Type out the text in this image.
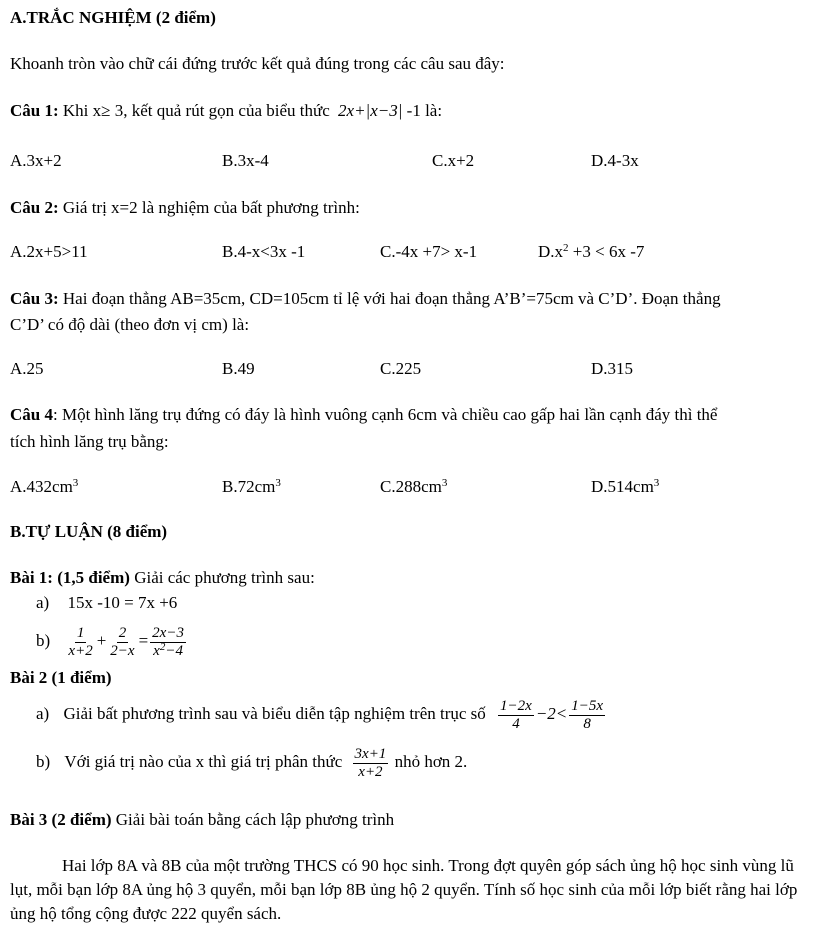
A.TRẮC NGHIỆM (2 điểm)
Khoanh tròn vào chữ cái đứng trước kết quả đúng trong các câu sau đây:
Câu 1: Khi x≥ 3, kết quả rút gọn của biểu thức 2x+|x−3| -1 là:
A.3x+2	B.3x-4	C.x+2	D.4-3x
Câu 2: Giá trị x=2 là nghiệm của bất phương trình:
A.2x+5>11	B.4-x<3x -1	C.-4x +7> x-1	$D.x^2 +3 < 6x$ -7
Câu 3: Hai đoạn thẳng AB=35cm, CD=105cm tỉ lệ với hai đoạn thẳng A’B’=75cm và C’D’. Đoạn thẳng
C’D’ có độ dài (theo đơn vị cm) là:
A.25	B.49	C.225	D.315
Câu 4: Một hình lăng trụ đứng có đáy là hình vuông cạnh 6cm và chiều cao gấp hai lần cạnh đáy thì thể
tích hình lăng trụ bằng:
$A.432cm^3$	$B.72cm^3$	$C.288cm^3$	$D.514cm^3$
B.TỰ LUẬN (8 điểm)
Bài 1: (1,5 điểm) Giải các phương trình sau:
a) 15x -10 = 7x +6
$b) \frac{1}{x+2} + \frac{2}{2-x} = \frac{2x-3}{x^2-4}$
Bài 2 (1 điểm)
a) Giải bất phương trình sau và biểu diễn tập nghiệm trên trục số $\frac{1-2x}{4} -2< \frac{1-5x}{8}$
b) Với giá trị nào của x thì giá trị phân thức $\frac{3x+1}{x+2}$ nhỏ hơn 2.
Bài 3 (2 điểm) Giải bài toán bằng cách lập phương trình
Hai lớp 8A và 8B của một trường THCS có 90 học sinh. Trong đợt quyên góp sách ủng hộ học sinh vùng lũ lụt, mỗi bạn lớp 8A ủng hộ 3 quyển, mỗi bạn lớp 8B ủng hộ 2 quyển. Tính số học sinh của mỗi lớp biết rằng hai lớp ủng hộ tổng cộng được 222 quyển sách.
